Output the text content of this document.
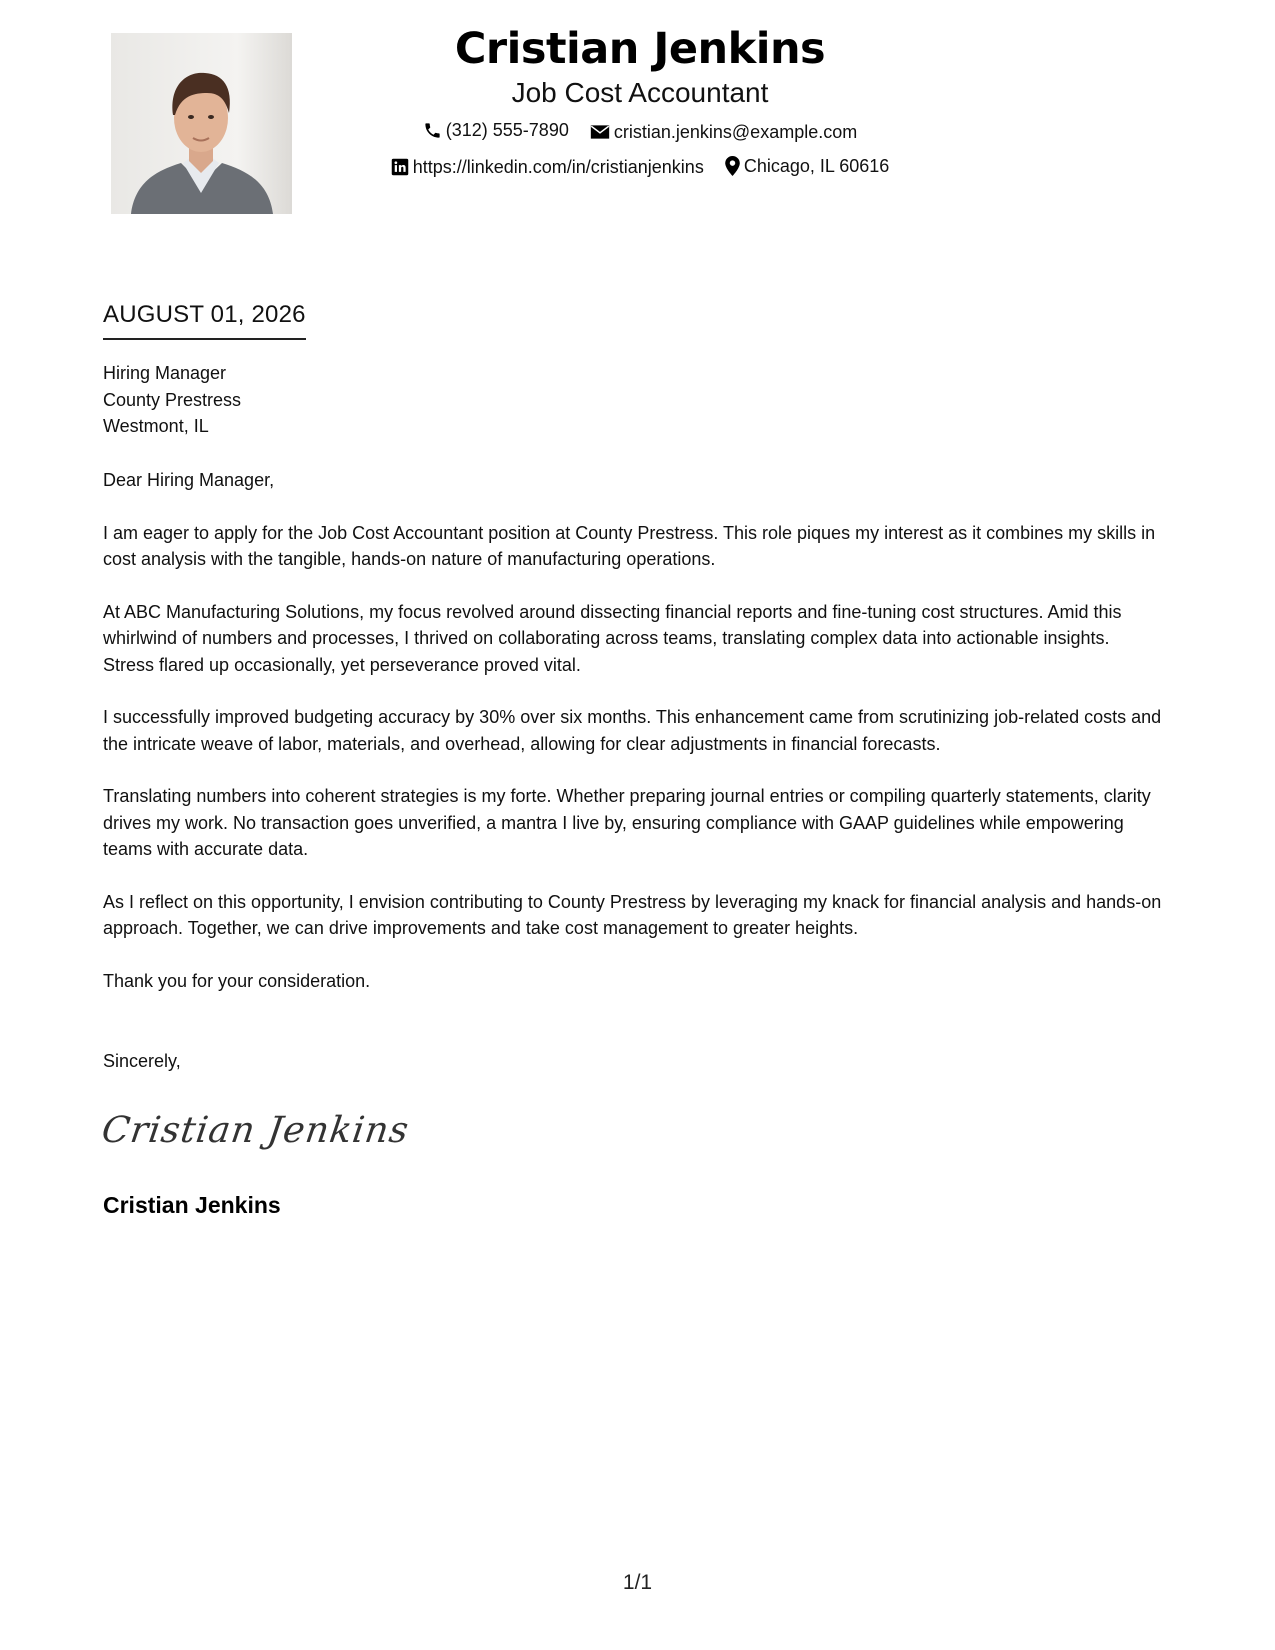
Cristian Jenkins
Job Cost Accountant
(312) 555-7890
	cristian.jenkins@example.com
https://linkedin.com/in/cristianjenkins
Chicago, IL 60616
AUGUST 01, 2026
Hiring Manager
County Prestress
Westmont, IL

Dear Hiring Manager,

I am eager to apply for the Job Cost Accountant position at County Prestress. This role piques my interest as it combines my skills in cost analysis with the tangible, hands-on nature of manufacturing operations.

At ABC Manufacturing Solutions, my focus revolved around dissecting financial reports and fine-tuning cost structures. Amid this whirlwind of numbers and processes, I thrived on collaborating across teams, translating complex data into actionable insights. Stress flared up occasionally, yet perseverance proved vital.

I successfully improved budgeting accuracy by 30% over six months. This enhancement came from scrutinizing job-related costs and the intricate weave of labor, materials, and overhead, allowing for clear adjustments in financial forecasts.

Translating numbers into coherent strategies is my forte. Whether preparing journal entries or compiling quarterly statements, clarity drives my work. No transaction goes unverified, a mantra I live by, ensuring compliance with GAAP guidelines while empowering teams with accurate data.

As I reflect on this opportunity, I envision contributing to County Prestress by leveraging my knack for financial analysis and hands-on approach. Together, we can drive improvements and take cost management to greater heights.

Thank you for your consideration.

Sincerely,
Cristian Jenkins
Cristian Jenkins
1/1
